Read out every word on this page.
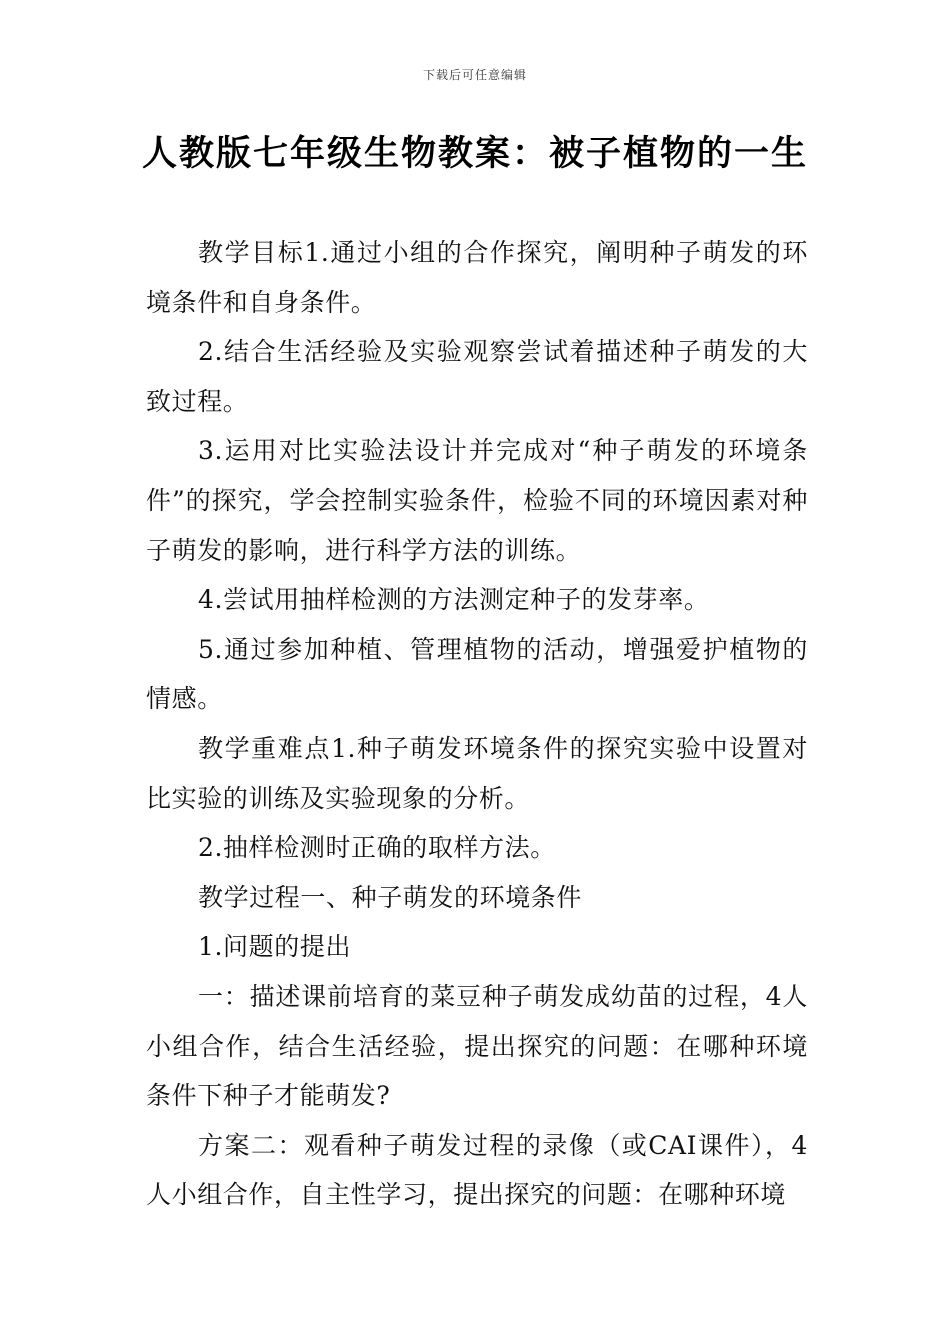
下载后可任意编辑
人教版七年级生物教案：被子植物的一生

教学目标1.通过小组的合作探究，阐明种子萌发的环境条件和自身条件。

2.结合生活经验及实验观察尝试着描述种子萌发的大致过程。

3.运用对比实验法设计并完成对“种子萌发的环境条件”的探究，学会控制实验条件，检验不同的环境因素对种子萌发的影响，进行科学方法的训练。

4.尝试用抽样检测的方法测定种子的发芽率。

5.通过参加种植、管理植物的活动，增强爱护植物的情感。

教学重难点1.种子萌发环境条件的探究实验中设置对比实验的训练及实验现象的分析。

2.抽样检测时正确的取样方法。

教学过程一、种子萌发的环境条件

1.问题的提出

一：描述课前培育的菜豆种子萌发成幼苗的过程，4人小组合作，结合生活经验，提出探究的问题：在哪种环境条件下种子才能萌发?

方案二：观看种子萌发过程的录像（或CAI课件），4人小组合作，自主性学习，提出探究的问题：在哪种环境
